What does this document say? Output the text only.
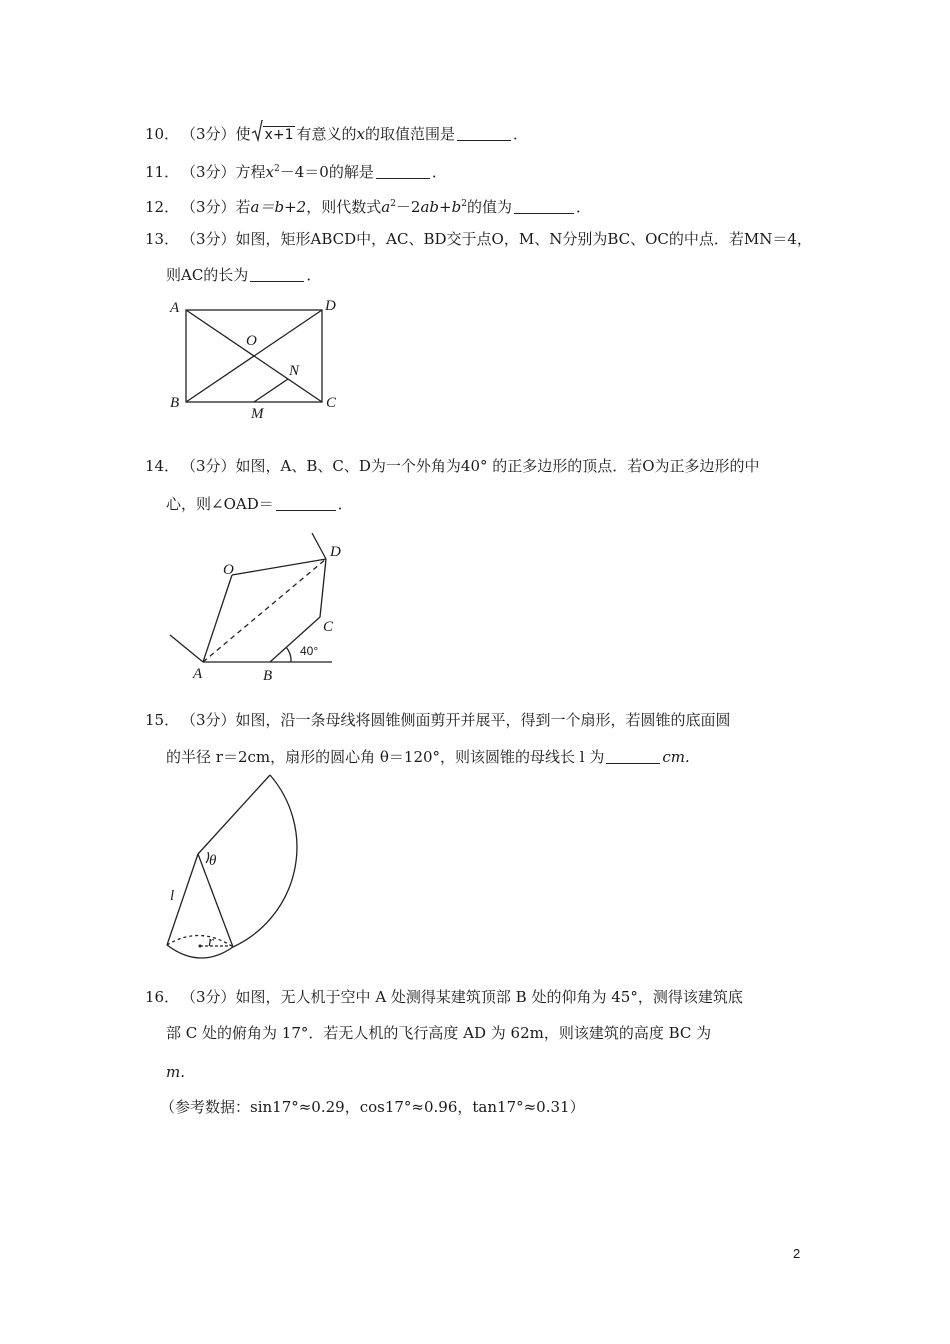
10． （3分）使 x+1 有意义的x的取值范围是	．
11． （3分）方程$x^2-4=0$的解是	．
12． （3分）若a＝b+2，则代数式$a^2-2ab+b^2$的值为	．
13． （3分）如图，矩形ABCD中，AC、BD交于点O，M、N分别为BC、OC的中点．若MN＝4，
则AC的长为	．
A	D
B	C
O
N
M
14． （3分）如图，A、B、C、D为一个外角为40° 的正多边形的顶点．若O为正多边形的中
心，则∠OAD＝	．
A	B
C
D
O
40°
15． （3分）如图，沿一条母线将圆锥侧面剪开并展平，得到一个扇形，若圆锥的底面圆
的半径 r＝2cm，扇形的圆心角 θ＝120°，则该圆锥的母线长 l 为	cm.
l
θ
r
16． （3分）如图，无人机于空中 A 处测得某建筑顶部 B 处的仰角为 45°，测得该建筑底
部 C 处的俯角为 17°．若无人机的飞行高度 AD 为 62m，则该建筑的高度 BC 为
m.
（参考数据：sin17°≈0.29，cos17°≈0.96，tan17°≈0.31）
2
